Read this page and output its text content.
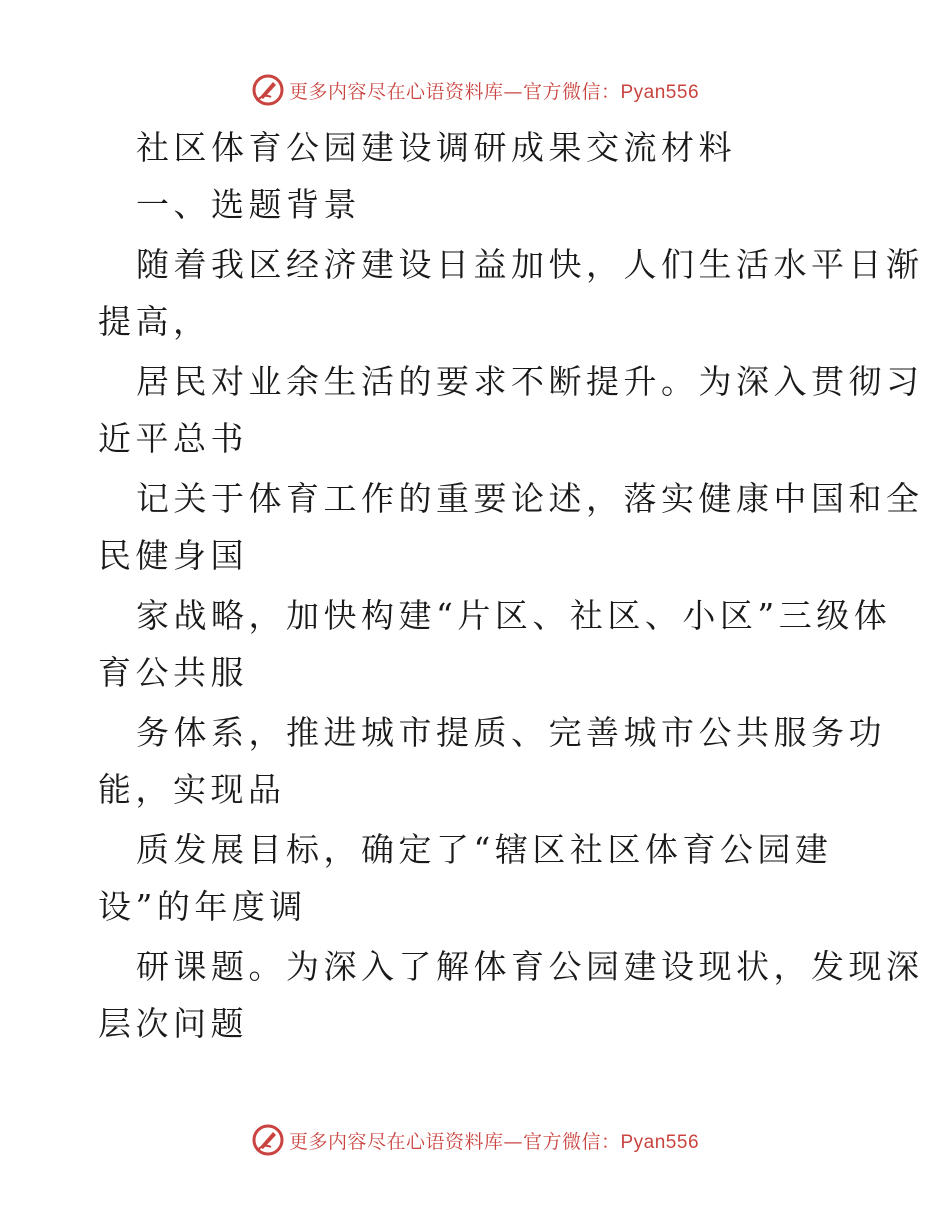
更多内容尽在心语资料库—官方微信：Pyan556
社区体育公园建设调研成果交流材料
一、选题背景
随着我区经济建设日益加快，人们生活水平日渐
提高，
居民对业余生活的要求不断提升。为深入贯彻习
近平总书
记关于体育工作的重要论述，落实健康中国和全
民健身国
家战略，加快构建“片区、社区、小区”三级体
育公共服
务体系，推进城市提质、完善城市公共服务功
能，实现品
质发展目标，确定了“辖区社区体育公园建
设”的年度调
研课题。为深入了解体育公园建设现状，发现深
层次问题
更多内容尽在心语资料库—官方微信：Pyan556
